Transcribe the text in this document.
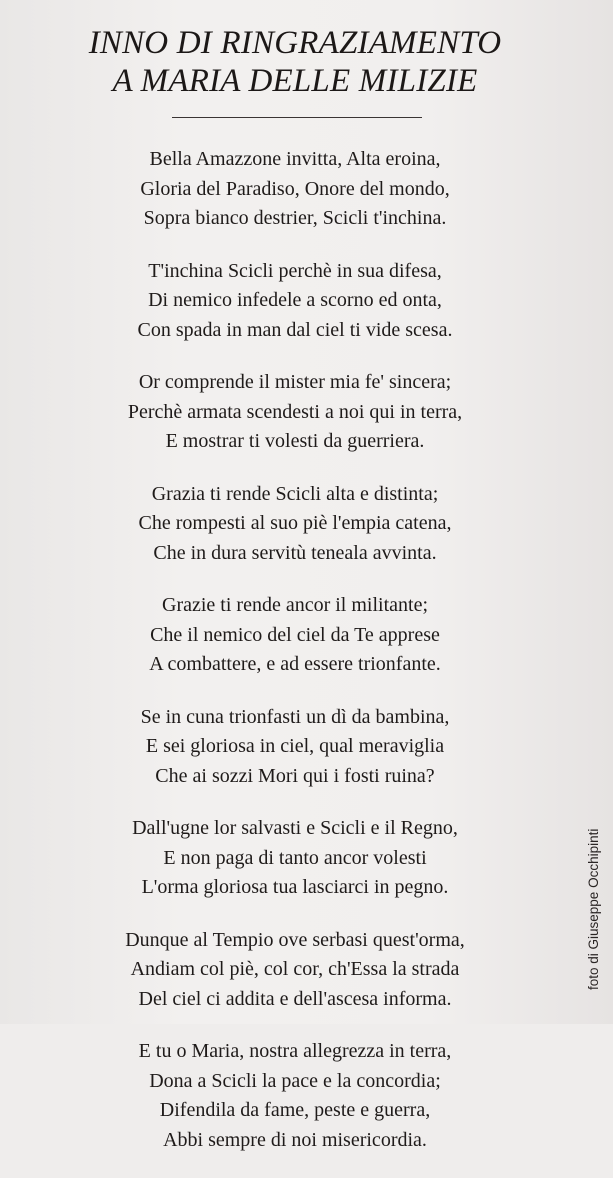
INNO DI RINGRAZIAMENTO
A MARIA DELLE MILIZIE
Bella Amazzone invitta, Alta eroina,
Gloria del Paradiso, Onore del mondo,
Sopra bianco destrier, Scicli t'inchina.
T'inchina Scicli perchè in sua difesa,
Di nemico infedele a scorno ed onta,
Con spada in man dal ciel ti vide scesa.
Or comprende il mister mia fe' sincera;
Perchè armata scendesti a noi qui in terra,
E mostrar ti volesti da guerriera.
Grazia ti rende Scicli alta e distinta;
Che rompesti al suo piè l'empia catena,
Che in dura servitù teneala avvinta.
Grazie ti rende ancor il militante;
Che il nemico del ciel da Te apprese
A combattere, e ad essere trionfante.
Se in cuna trionfasti un dì da bambina,
E sei gloriosa in ciel, qual meraviglia
Che ai sozzi Mori qui i fosti ruina?
Dall'ugne lor salvasti e Scicli e il Regno,
E non paga di tanto ancor volesti
L'orma gloriosa tua lasciarci in pegno.
Dunque al Tempio ove serbasi quest'orma,
Andiam col piè, col cor, ch'Essa la strada
Del ciel ci addita e dell'ascesa informa.
E tu o Maria, nostra allegrezza in terra,
Dona a Scicli la pace e la concordia;
Difendila da fame, peste e guerra,
Abbi sempre di noi misericordia.
foto di Giuseppe Occhipinti
